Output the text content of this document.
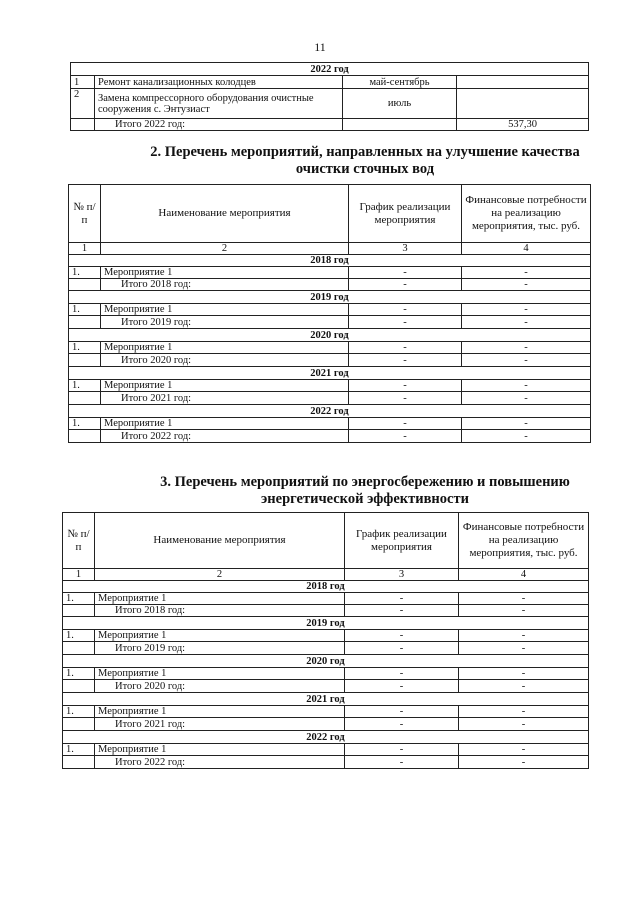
11
2022 год			
1	Ремонт канализационных колодцев	май-сентябрь	
2	Замена компрессорного оборудования очистные сооружения с. Энтузиаст	июль	
	Итого 2022 год:		537,30
2. Перечень мероприятий, направленных на улучшение качества очистки сточных вод
№ п/п	Наименование мероприятия	График реализации мероприятия	Финансовые потребности на реализацию мероприятия, тыс. руб.
1	2	3	4
2018 год			
1.	Мероприятие 1	-	-
	Итого 2018 год:	-	-
2019 год			
1.	Мероприятие 1	-	-
	Итого 2019 год:	-	-
2020 год			
1.	Мероприятие 1	-	-
	Итого 2020 год:	-	-
2021 год			
1.	Мероприятие 1	-	-
	Итого 2021 год:	-	-
2022 год			
1.	Мероприятие 1	-	-
	Итого 2022 год:	-	-
3. Перечень мероприятий по энергосбережению и повышению энергетической эффективности
№ п/п	Наименование мероприятия	График реализации мероприятия	Финансовые потребности на реализацию мероприятия, тыс. руб.
1	2	3	4
2018 год			
1.	Мероприятие 1	-	-
	Итого 2018 год:	-	-
2019 год			
1.	Мероприятие 1	-	-
	Итого 2019 год:	-	-
2020 год			
1.	Мероприятие 1	-	-
	Итого 2020 год:	-	-
2021 год			
1.	Мероприятие 1	-	-
	Итого 2021 год:	-	-
2022 год			
1.	Мероприятие 1	-	-
	Итого 2022 год:	-	-
